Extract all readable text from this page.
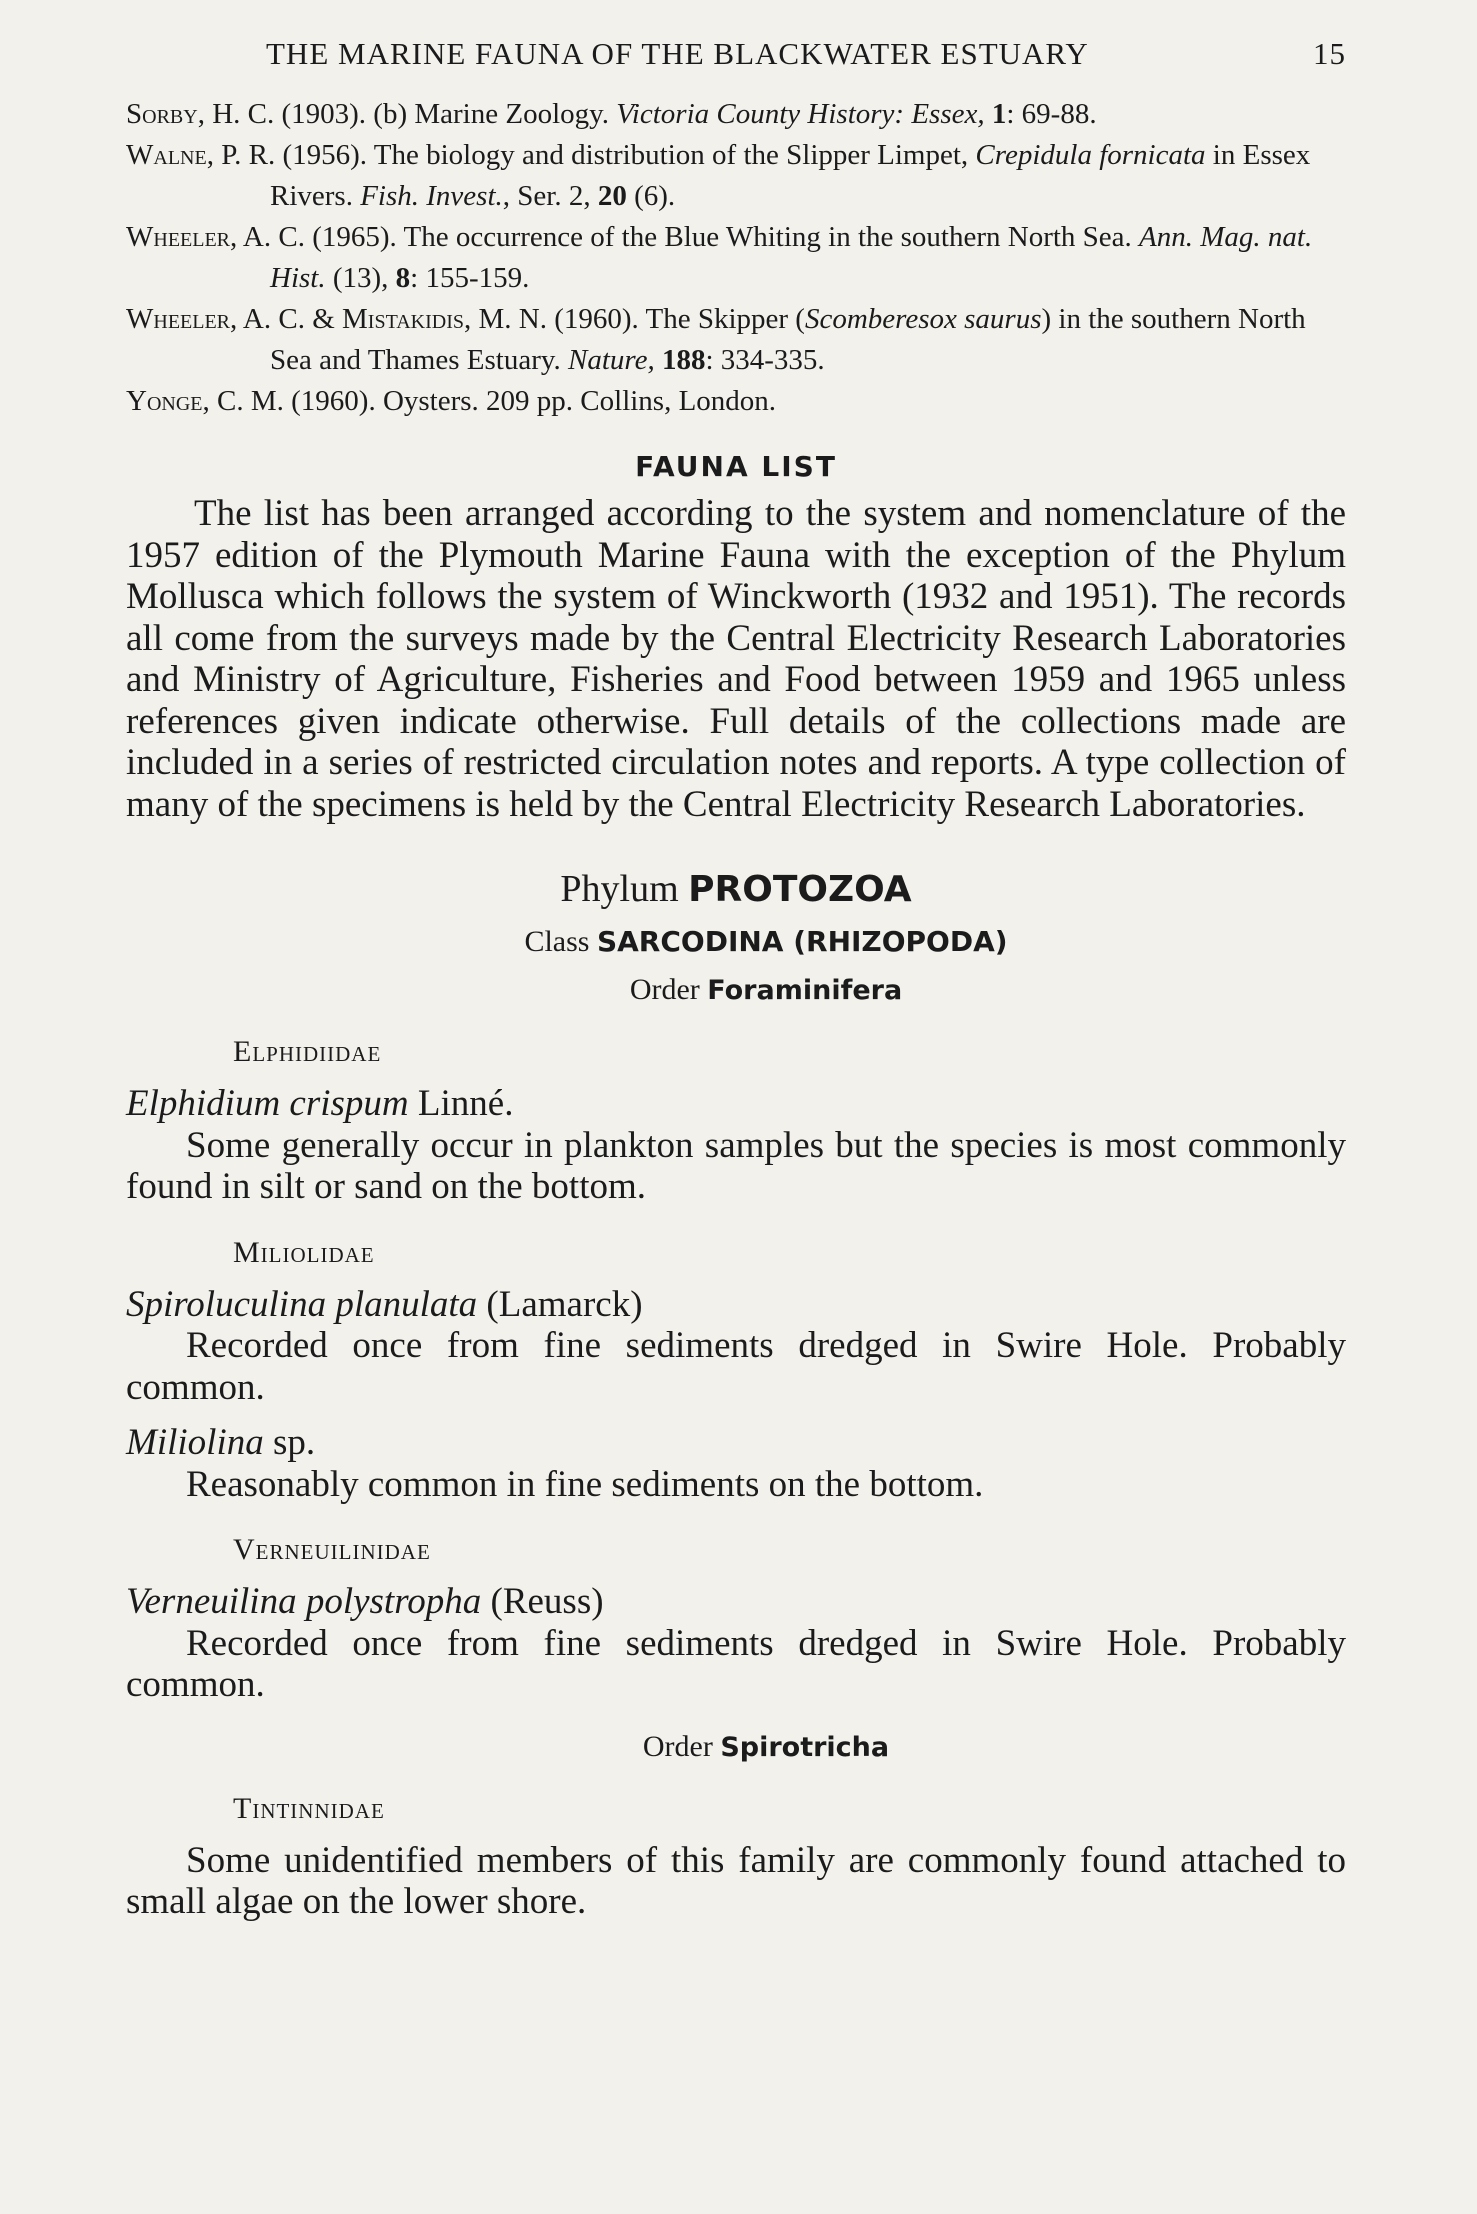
THE MARINE FAUNA OF THE BLACKWATER ESTUARY	15

Sorby, H. C. (1903). (b) Marine Zoology. Victoria County History: Essex, 1: 69-88.

Walne, P. R. (1956). The biology and distribution of the Slipper Limpet, Crepidula fornicata in Essex Rivers. Fish. Invest., Ser. 2, 20 (6).

Wheeler, A. C. (1965). The occurrence of the Blue Whiting in the southern North Sea. Ann. Mag. nat. Hist. (13), 8: 155-159.

Wheeler, A. C. & Mistakidis, M. N. (1960). The Skipper (Scomberesox saurus) in the southern North Sea and Thames Estuary. Nature, 188: 334-335.

Yonge, C. M. (1960). Oysters. 209 pp. Collins, London.

FAUNA LIST

The list has been arranged according to the system and nomenclature of the 1957 edition of the Plymouth Marine Fauna with the exception of the Phylum Mollusca which follows the system of Winckworth (1932 and 1951). The records all come from the surveys made by the Central Electricity Research Laboratories and Ministry of Agriculture, Fisheries and Food between 1959 and 1965 unless references given indicate otherwise. Full details of the collections made are included in a series of restricted circulation notes and reports. A type collection of many of the specimens is held by the Central Electricity Research Laboratories.

Phylum PROTOZOA
Class SARCODINA (RHIZOPODA)
Order Foraminifera
Elphidiidae

Elphidium crispum Linné.

Some generally occur in plankton samples but the species is most commonly found in silt or sand on the bottom.

Miliolidae

Spiroluculina planulata (Lamarck)

Recorded once from fine sediments dredged in Swire Hole. Probably common.

Miliolina sp.

Reasonably common in fine sediments on the bottom.

Verneuilinidae

Verneuilina polystropha (Reuss)

Recorded once from fine sediments dredged in Swire Hole. Probably common.

Order Spirotricha
Tintinnidae

Some unidentified members of this family are commonly found attached to small algae on the lower shore.
